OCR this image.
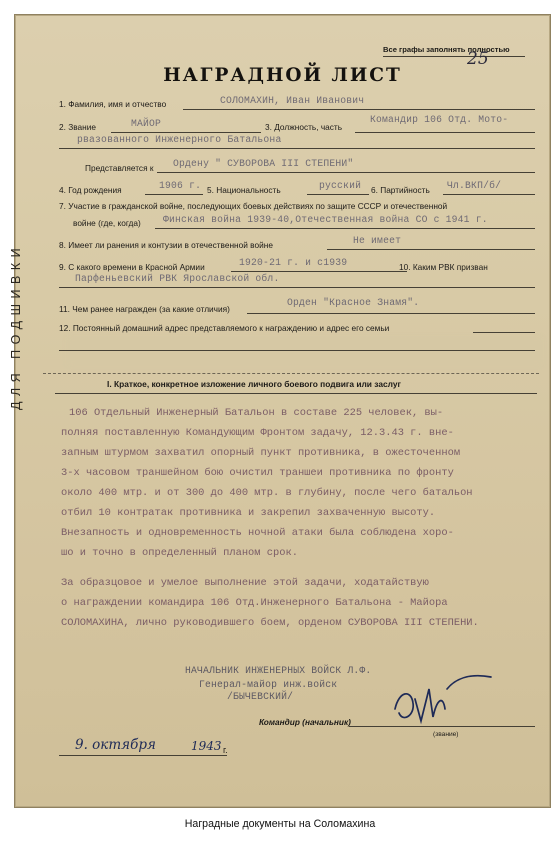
Все графы заполнять полностью
25
НАГРАДНОЙ ЛИСТ
1. Фамилия, имя и отчество	СОЛОМАХИН, Иван Иванович
2. Звание	МАЙОР	3. Должность, часть
Командир 106 Отд. Мото-
рвазованного Инженерного Батальона
Представляется к Ордену " СУВОРОВА III СТЕПЕНИ"
4. Год рождения	1906 г. 5. Национальность	русский 6. Партийность Чл.ВКП/б/
7. Участие в гражданской войне, последующих боевых действиях по защите СССР и отечественной
войне (где, когда) Финская война 1939-40,Отечественная война СО с 1941 г.
8. Имеет ли ранения и контузии в отечественной войне	Не имеет
9. С какого времени в Красной Армии	1920-21 г. и с1939	10. Каким РВК призван
Парфеньевский РВК Ярославской обл.
11. Чем ранее награжден (за какие отличия)
Орден "Красное Знамя".
12. Постоянный домашний адрес представляемого к награждению и адрес его семьи
ДЛЯ ПОДШИВКИ	I. Краткое, конкретное изложение личного боевого подвига или заслуг
106 Отдельный Инженерный Батальон в составе 225 человек, вы-
полняя поставленную Командующим Фронтом задачу, 12.3.43 г. вне-
запным штурмом захватил опорный пункт противника, в ожесточенном
3-х часовом траншейном бою очистил траншеи противника по фронту
около 400 мтр. и от 300 до 400 мтр. в глубину, после чего батальон
отбил 10 контратак противника и закрепил захваченную высоту.
Внезапность и одновременность ночной атаки была соблюдена хоро-
шо и точно в определенный планом срок.
За образцовое и умелое выполнение этой задачи, ходатайствую
о награждении командира 106 Отд.Инженерного Батальона - Майора
СОЛОМАХИНА, лично руководившего боем, орденом СУВОРОВА III СТЕПЕНИ.
НАЧАЛЬНИК ИНЖЕНЕРНЫХ ВОЙСК Л.Ф.
Генерал-майор инж.войск
/БЫЧЕВСКИЙ/
Командир (начальник)
(звание)
9. октября	1943 г.
Наградные документы на Соломахина
